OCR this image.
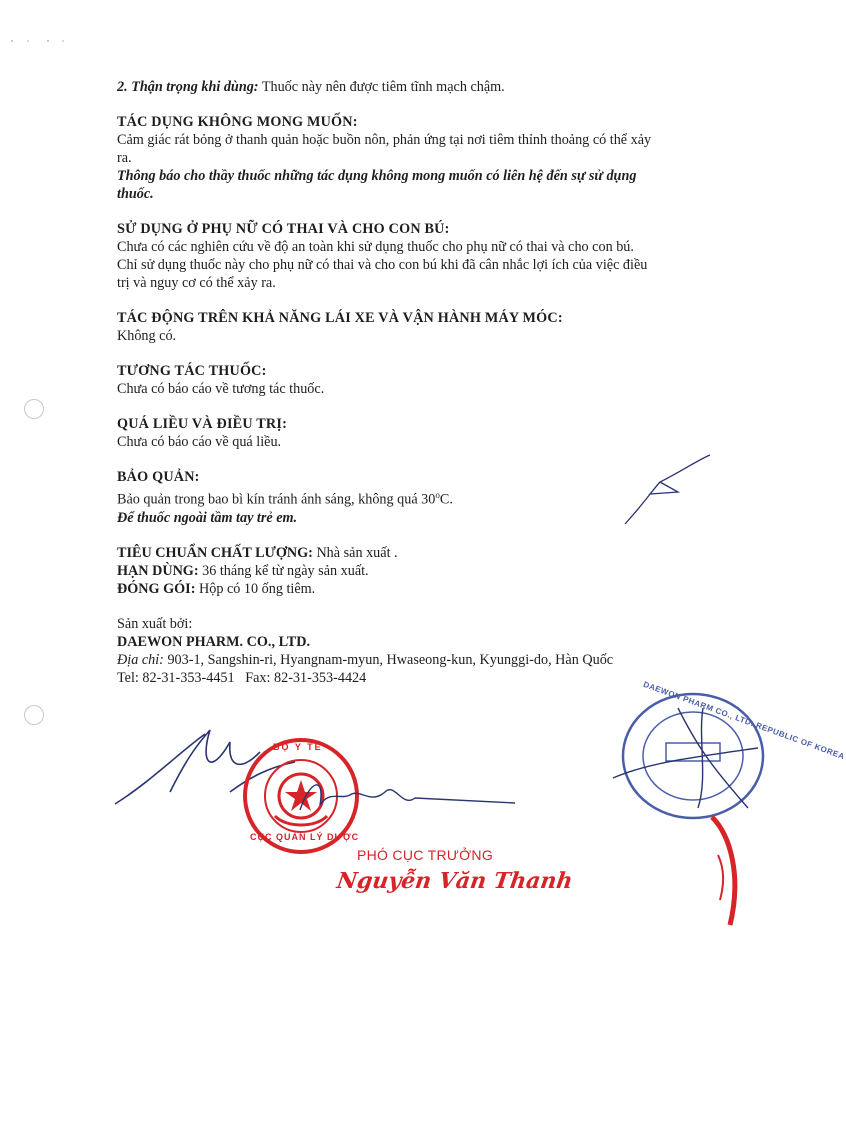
2. Thận trọng khi dùng: Thuốc này nên được tiêm tĩnh mạch chậm.

TÁC DỤNG KHÔNG MONG MUỐN:

Cảm giác rát bỏng ở thanh quản hoặc buồn nôn, phản ứng tại nơi tiêm thỉnh thoảng có thể xảy

ra.

Thông báo cho thầy thuốc những tác dụng không mong muốn có liên hệ đến sự sử dụng

thuốc.

SỬ DỤNG Ở PHỤ NỮ CÓ THAI VÀ CHO CON BÚ:

Chưa có các nghiên cứu về độ an toàn khi sử dụng thuốc cho phụ nữ có thai và cho con bú.

Chỉ sử dụng thuốc này cho phụ nữ có thai và cho con bú khi đã cân nhắc lợi ích của việc điều

trị và nguy cơ có thể xảy ra.

TÁC ĐỘNG TRÊN KHẢ NĂNG LÁI XE VÀ VẬN HÀNH MÁY MÓC:

Không có.

TƯƠNG TÁC THUỐC:

Chưa có báo cáo về tương tác thuốc.

QUÁ LIỀU VÀ ĐIỀU TRỊ:

Chưa có báo cáo về quá liều.

BẢO QUẢN:

Bảo quản trong bao bì kín tránh ánh sáng, không quá 30$^o$C.

Để thuốc ngoài tầm tay trẻ em.

TIÊU CHUẨN CHẤT LƯỢNG: Nhà sản xuất .

HẠN DÙNG: 36 tháng kể từ ngày sản xuất.

ĐÓNG GÓI: Hộp có 10 ống tiêm.

Sản xuất bởi:

DAEWON PHARM. CO., LTD.

Địa chỉ: 903-1, Sangshin-ri, Hyangnam-myun, Hwaseong-kun, Kyunggi-do, Hàn Quốc

Tel: 82-31-353-4451   Fax: 82-31-353-4424

BỘ Y TẾ
CỤC QUẢN LÝ DƯỢC
PHÓ CỤC TRƯỞNG
Nguyễn Văn Thanh
DAEWON PHARM CO., LTD. REPUBLIC OF KOREA
